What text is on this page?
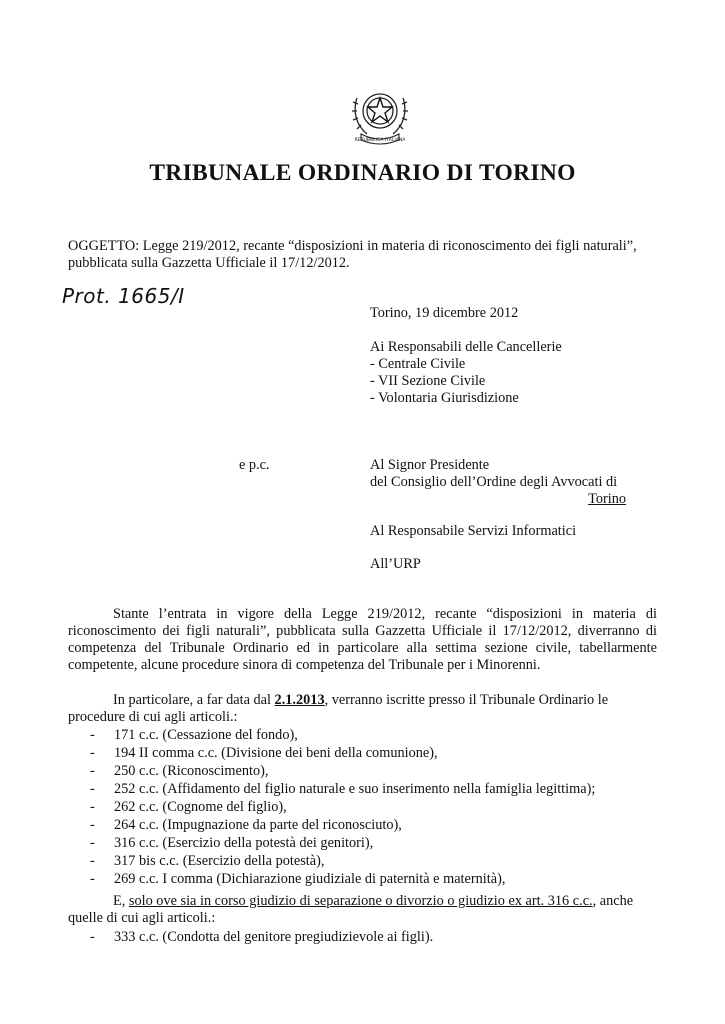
REPUBBLICA ITALIANA
TRIBUNALE ORDINARIO DI TORINO
OGGETTO: Legge 219/2012, recante “disposizioni in materia di riconoscimento dei figli naturali”,
pubblicata sulla Gazzetta Ufficiale il 17/12/2012.
Prot. 1665/I
Torino, 19 dicembre 2012
Ai Responsabili delle Cancellerie
- Centrale Civile
- VII Sezione Civile
- Volontaria Giurisdizione
e p.c.	Al Signor Presidente
del Consiglio dell’Ordine degli Avvocati di
Torino
Al Responsabile Servizi Informatici
All’URP
Stante l’entrata in vigore della Legge 219/2012, recante “disposizioni in materia di
riconoscimento dei figli naturali”, pubblicata sulla Gazzetta Ufficiale il 17/12/2012, diverranno di
competenza del Tribunale Ordinario ed in particolare alla settima sezione civile, tabellarmente
competente, alcune procedure sinora di competenza del Tribunale per i Minorenni.
In particolare, a far data dal 2.1.2013, verranno iscritte presso il Tribunale Ordinario le
procedure di cui agli articoli.:
- 171 c.c. (Cessazione del fondo),
- 194 II comma c.c. (Divisione dei beni della comunione),
- 250 c.c. (Riconoscimento),
- 252 c.c. (Affidamento del figlio naturale e suo inserimento nella famiglia legittima);
- 262 c.c. (Cognome del figlio),
- 264 c.c. (Impugnazione da parte del riconosciuto),
- 316 c.c. (Esercizio della potestà dei genitori),
- 317 bis c.c. (Esercizio della potestà),
- 269 c.c. I comma (Dichiarazione giudiziale di paternità e maternità),
E, solo ove sia in corso giudizio di separazione o divorzio o giudizio ex art. 316 c.c., anche
quelle di cui agli articoli.:
- 333 c.c. (Condotta del genitore pregiudizievole ai figli).
